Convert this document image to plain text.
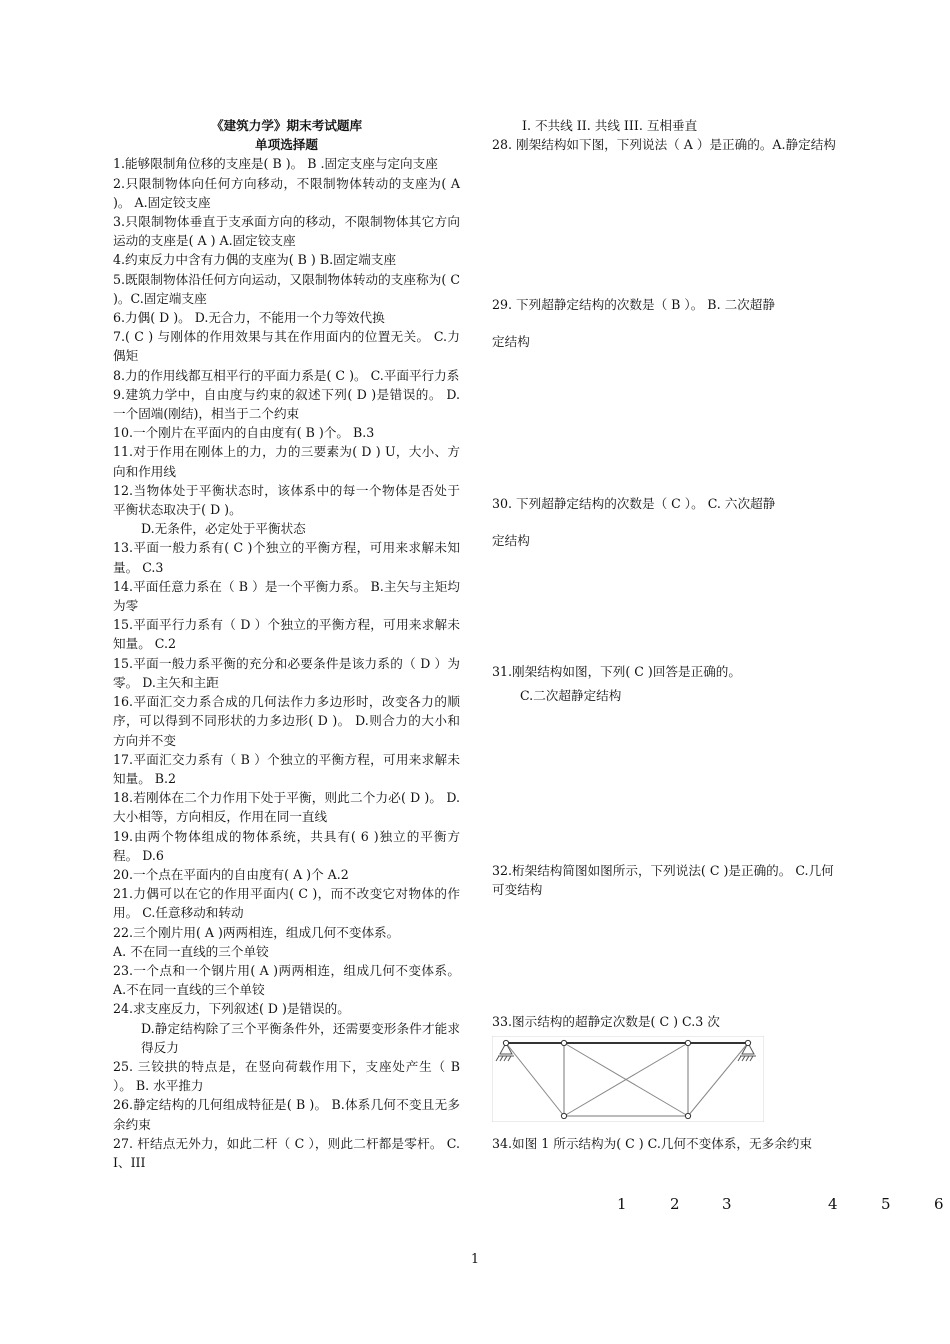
《建筑力学》期末考试题库
单项选择题
1.能够限制角位移的支座是( B )。 B .固定支座与定向支座
2.只限制物体向任何方向移动，不限制物体转动的支座为( A )。 A.固定铰支座
3.只限制物体垂直于支承面方向的移动，不限制物体其它方向运动的支座是( A ) A.固定铰支座
4.约束反力中含有力偶的支座为( B ) B.固定端支座
5.既限制物体沿任何方向运动，又限制物体转动的支座称为( C )。C.固定端支座
6.力偶( D )。 D.无合力，不能用一个力等效代换
7.( C ) 与刚体的作用效果与其在作用面内的位置无关。 C.力偶矩
8.力的作用线都互相平行的平面力系是( C )。 C.平面平行力系
9.建筑力学中，自由度与约束的叙述下列( D )是错误的。 D.一个固端(刚结)，相当于二个约束
10.一个刚片在平面内的自由度有( B )个。 B.3
11.对于作用在刚体上的力，力的三要素为( D ) U，大小、方向和作用线
12.当物体处于平衡状态时，该体系中的每一个物体是否处于平衡状态取决于( D )。
D.无条件，必定处于平衡状态
13.平面一般力系有( C )个独立的平衡方程，可用来求解未知量。 C.3
14.平面任意力系在（ B ）是一个平衡力系。 B.主矢与主矩均为零
15.平面平行力系有（ D ）个独立的平衡方程，可用来求解未知量。 C.2
15.平面一般力系平衡的充分和必要条件是该力系的（ D ）为零。 D.主矢和主距
16.平面汇交力系合成的几何法作力多边形时，改变各力的顺序，可以得到不同形状的力多边形( D )。 D.则合力的大小和方向并不变
17.平面汇交力系有（ B ）个独立的平衡方程，可用来求解未知量。 B.2
18.若刚体在二个力作用下处于平衡，则此二个力必( D )。 D.大小相等，方向相反，作用在同一直线
19.由两个物体组成的物体系统，共具有( 6 )独立的平衡方程。 D.6
20.一个点在平面内的自由度有( A )个 A.2
21.力偶可以在它的作用平面内( C )，而不改变它对物体的作用。 C.任意移动和转动
22.三个刚片用( A )两两相连，组成几何不变体系。
A. 不在同一直线的三个单铰
23.一个点和一个钢片用( A )两两相连，组成几何不变体系。 A.不在同一直线的三个单铰
24.求支座反力，下列叙述( D )是错误的。
D.静定结构除了三个平衡条件外，还需要变形条件才能求得反力
25. 三铰拱的特点是，在竖向荷载作用下，支座处产生（ B ）。 B. 水平推力
26.静定结构的几何组成特征是( B )。 B.体系几何不变且无多余约束
27. 杆结点无外力，如此二杆（ C ），则此二杆都是零杆。 C. I、III
I. 不共线 II. 共线 III. 互相垂直
28. 刚架结构如下图，下列说法（ A ）是正确的。A.静定结构
29. 下列超静定结构的次数是（ B ）。 B. 二次超静
定结构
30. 下列超静定结构的次数是（ C ）。 C. 六次超静
定结构
31.刚架结构如图，下列( C )回答是正确的。
C.二次超静定结构
32.桁架结构简图如图所示，下列说法( C )是正确的。 C.几何可变结构
33.图示结构的超静定次数是( C ) C.3 次
34.如图 1 所示结构为( C ) C.几何不变体系，无多余约束
1	2	3	4	5	6
1
